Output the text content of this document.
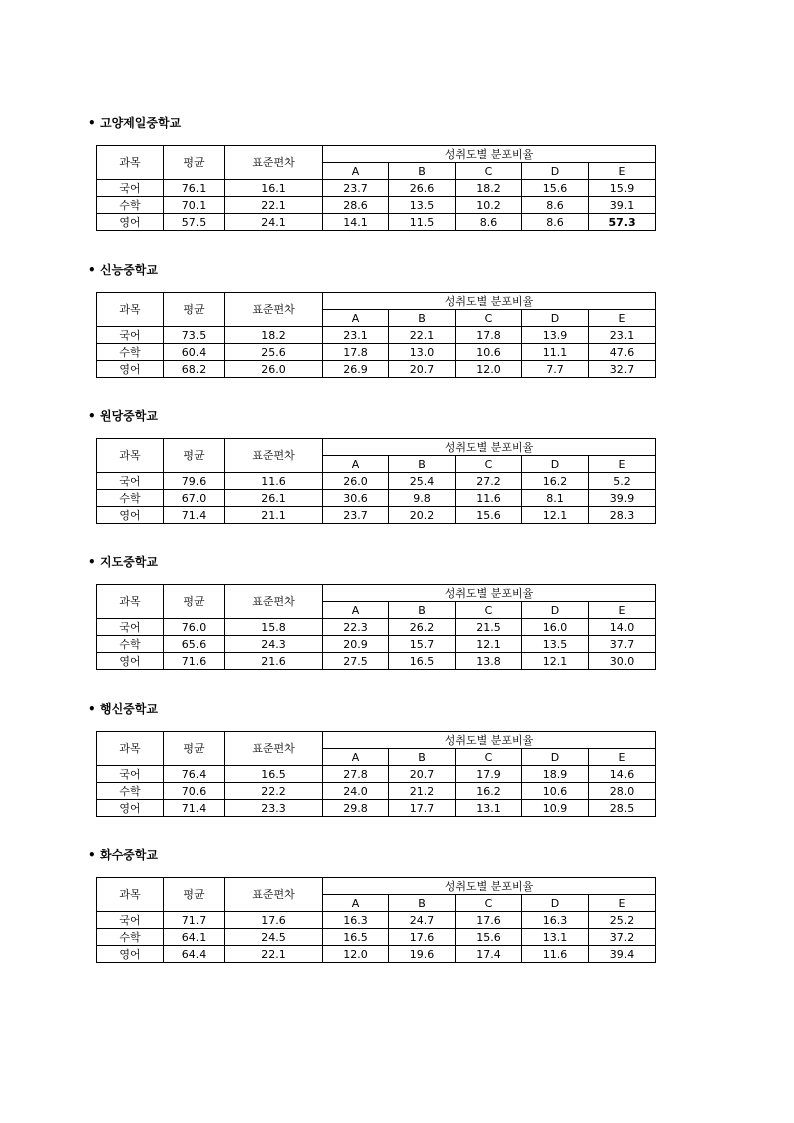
• 고양제일중학교
과목	평균	표준편차	성취도별 분포비율				
			A	B	C	D	E
국어	76.1	16.1	23.7	26.6	18.2	15.6	15.9
수학	70.1	22.1	28.6	13.5	10.2	8.6	39.1
영어	57.5	24.1	14.1	11.5	8.6	8.6	57.3
• 신능중학교
과목	평균	표준편차	성취도별 분포비율				
			A	B	C	D	E
국어	73.5	18.2	23.1	22.1	17.8	13.9	23.1
수학	60.4	25.6	17.8	13.0	10.6	11.1	47.6
영어	68.2	26.0	26.9	20.7	12.0	7.7	32.7
• 원당중학교
과목	평균	표준편차	성취도별 분포비율				
			A	B	C	D	E
국어	79.6	11.6	26.0	25.4	27.2	16.2	5.2
수학	67.0	26.1	30.6	9.8	11.6	8.1	39.9
영어	71.4	21.1	23.7	20.2	15.6	12.1	28.3
• 지도중학교
과목	평균	표준편차	성취도별 분포비율				
			A	B	C	D	E
국어	76.0	15.8	22.3	26.2	21.5	16.0	14.0
수학	65.6	24.3	20.9	15.7	12.1	13.5	37.7
영어	71.6	21.6	27.5	16.5	13.8	12.1	30.0
• 행신중학교
과목	평균	표준편차	성취도별 분포비율				
			A	B	C	D	E
국어	76.4	16.5	27.8	20.7	17.9	18.9	14.6
수학	70.6	22.2	24.0	21.2	16.2	10.6	28.0
영어	71.4	23.3	29.8	17.7	13.1	10.9	28.5
• 화수중학교
과목	평균	표준편차	성취도별 분포비율				
			A	B	C	D	E
국어	71.7	17.6	16.3	24.7	17.6	16.3	25.2
수학	64.1	24.5	16.5	17.6	15.6	13.1	37.2
영어	64.4	22.1	12.0	19.6	17.4	11.6	39.4
